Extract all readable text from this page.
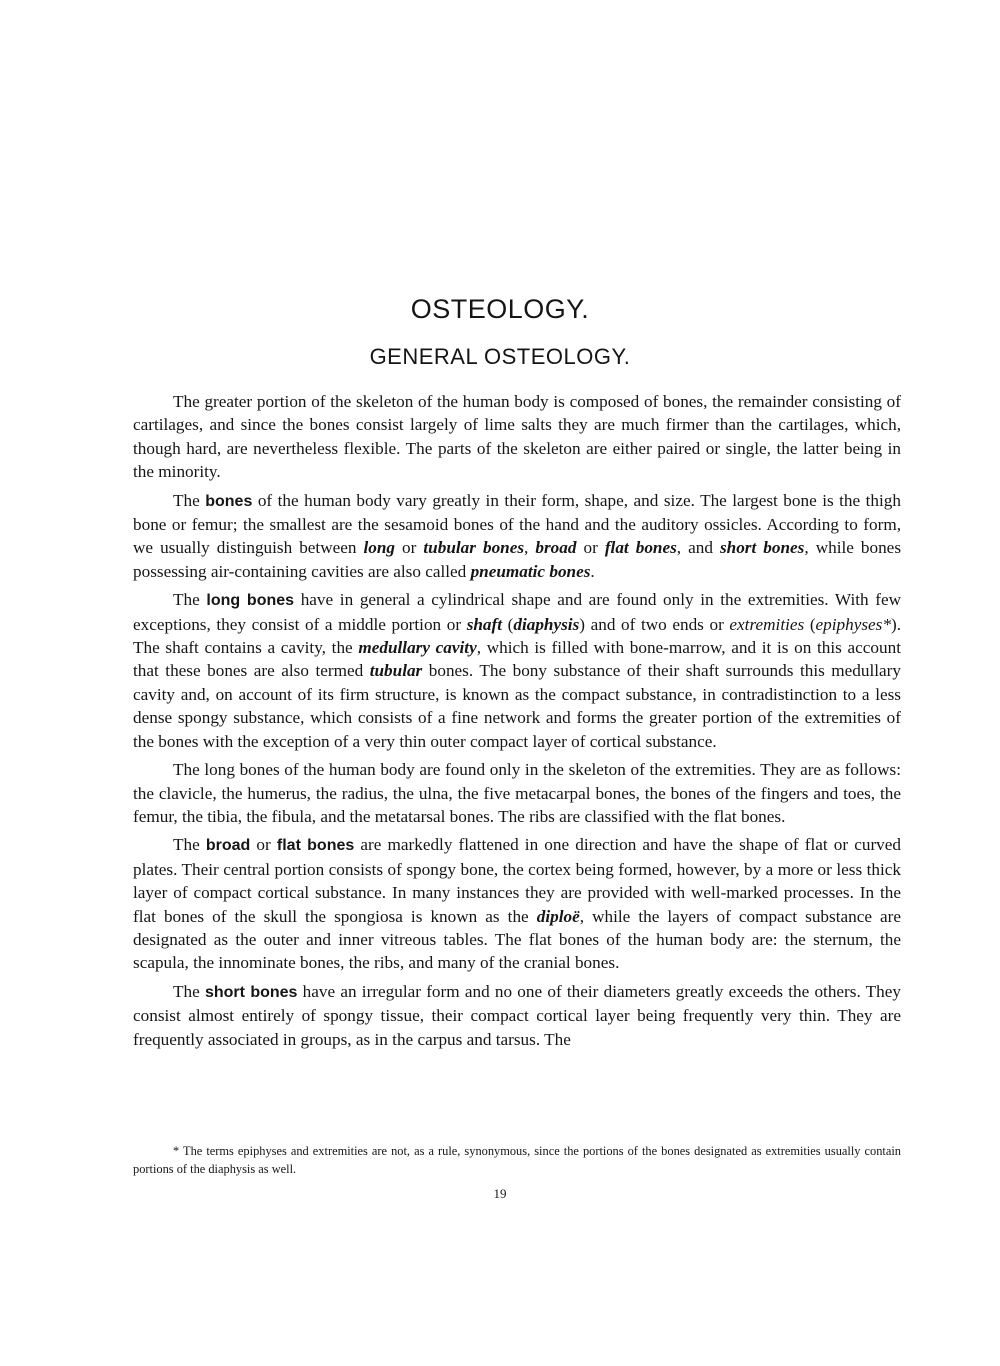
OSTEOLOGY.
GENERAL OSTEOLOGY.

The greater portion of the skeleton of the human body is composed of bones, the remainder consisting of cartilages, and since the bones consist largely of lime salts they are much firmer than the cartilages, which, though hard, are nevertheless flexible. The parts of the skeleton are either paired or single, the latter being in the minority.

The bones of the human body vary greatly in their form, shape, and size. The largest bone is the thigh bone or femur; the smallest are the sesamoid bones of the hand and the auditory ossicles. According to form, we usually distinguish between long or tubular bones, broad or flat bones, and short bones, while bones possessing air-containing cavities are also called pneumatic bones.

The long bones have in general a cylindrical shape and are found only in the extremities. With few exceptions, they consist of a middle portion or shaft (diaphysis) and of two ends or extremities (epiphyses*). The shaft contains a cavity, the medullary cavity, which is filled with bone-marrow, and it is on this account that these bones are also termed tubular bones. The bony substance of their shaft surrounds this medullary cavity and, on account of its firm structure, is known as the compact substance, in contradistinction to a less dense spongy substance, which consists of a fine network and forms the greater portion of the extremities of the bones with the exception of a very thin outer compact layer of cortical substance.

The long bones of the human body are found only in the skeleton of the extremities. They are as follows: the clavicle, the humerus, the radius, the ulna, the five metacarpal bones, the bones of the fingers and toes, the femur, the tibia, the fibula, and the metatarsal bones. The ribs are classified with the flat bones.

The broad or flat bones are markedly flattened in one direction and have the shape of flat or curved plates. Their central portion consists of spongy bone, the cortex being formed, however, by a more or less thick layer of compact cortical substance. In many instances they are provided with well-marked processes. In the flat bones of the skull the spongiosa is known as the diploë, while the layers of compact substance are designated as the outer and inner vitreous tables. The flat bones of the human body are: the sternum, the scapula, the innominate bones, the ribs, and many of the cranial bones.

The short bones have an irregular form and no one of their diameters greatly exceeds the others. They consist almost entirely of spongy tissue, their compact cortical layer being frequently very thin. They are frequently associated in groups, as in the carpus and tarsus. The

* The terms epiphyses and extremities are not, as a rule, synonymous, since the portions of the bones designated as extremities usually contain portions of the diaphysis as well.
19
